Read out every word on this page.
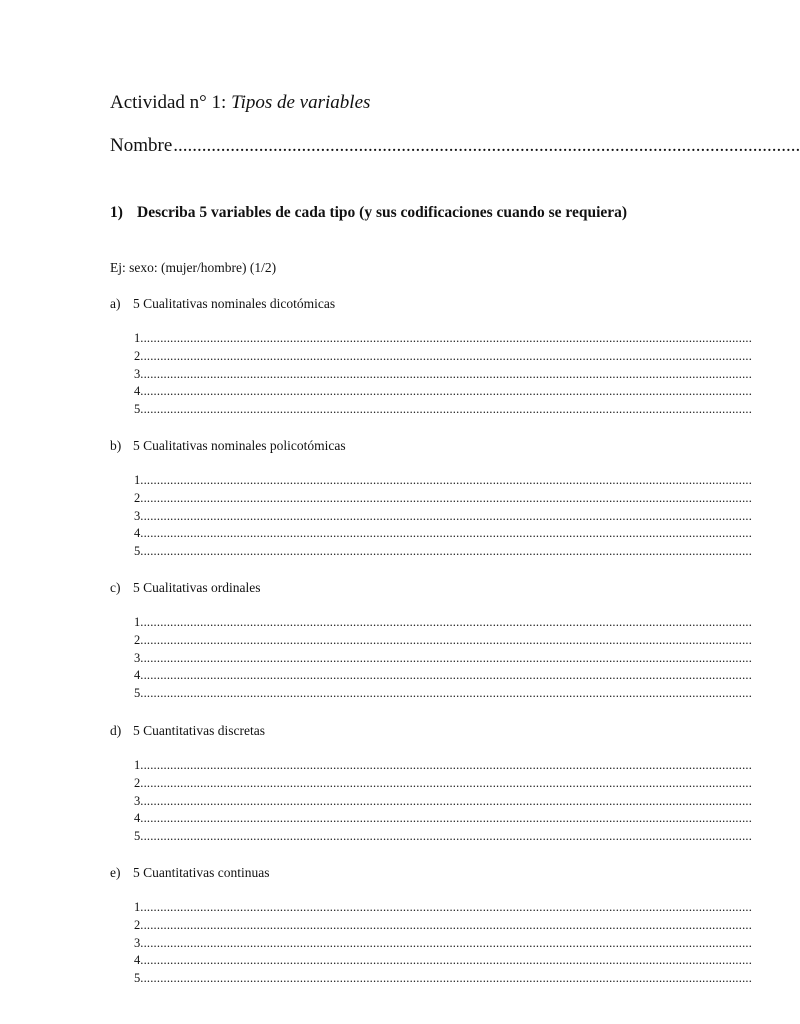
Actividad n° 1: Tipos de variables
Nombre ....................................................................................................................................
1) Describa 5 variables de cada tipo (y sus codificaciones cuando se requiera)
Ej: sexo: (mujer/hombre) (1/2)
a) 5 Cualitativas nominales dicotómicas
1 ........................................................................................................................................................................................
2 ........................................................................................................................................................................................
3 ........................................................................................................................................................................................
4 ........................................................................................................................................................................................
5 ........................................................................................................................................................................................
b) 5 Cualitativas nominales policotómicas
1 ........................................................................................................................................................................................
2 ........................................................................................................................................................................................
3 ........................................................................................................................................................................................
4 ........................................................................................................................................................................................
5 ........................................................................................................................................................................................
c) 5 Cualitativas ordinales
1 ........................................................................................................................................................................................
2 ........................................................................................................................................................................................
3 ........................................................................................................................................................................................
4 ........................................................................................................................................................................................
5 ........................................................................................................................................................................................
d) 5 Cuantitativas discretas
1 ........................................................................................................................................................................................
2 ........................................................................................................................................................................................
3 ........................................................................................................................................................................................
4 ........................................................................................................................................................................................
5 ........................................................................................................................................................................................
e) 5 Cuantitativas continuas
1 ........................................................................................................................................................................................
2 ........................................................................................................................................................................................
3 ........................................................................................................................................................................................
4 ........................................................................................................................................................................................
5 ........................................................................................................................................................................................
